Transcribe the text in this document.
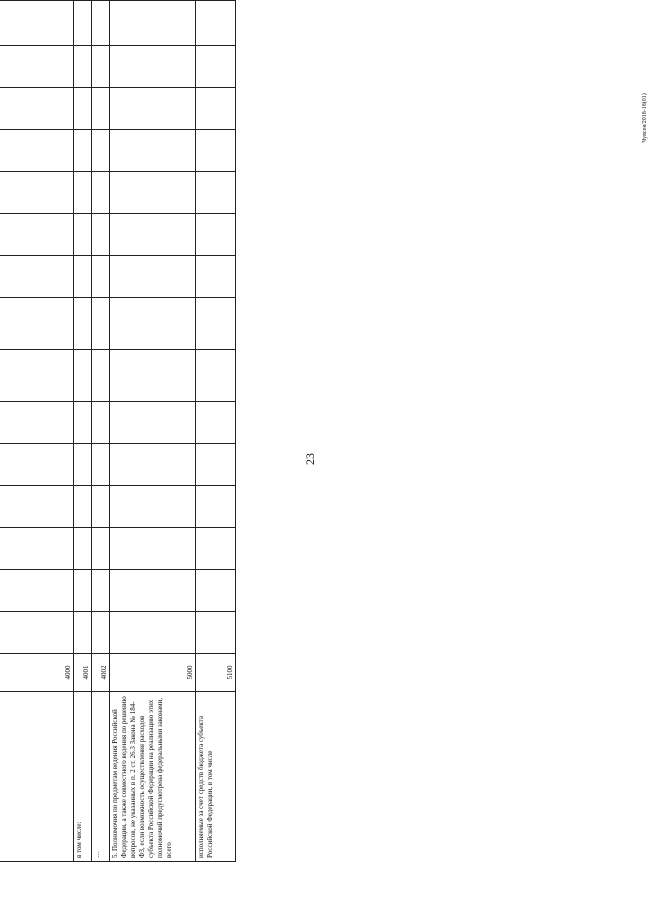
23
Чувсея/2018-18(01)

	4000															
в том числе:	4001															
…	4002															
5. Полномочия по предметам ведения Российской Федерации, а также совместного ведения по решению вопросов, не указанных в п. 2 ст. 26.3 Закона № 184-ФЗ, если возможность осуществления расходов субъекта Российской Федерации на реализацию этих полномочий предусмотрена федеральными законами, всего	5000															
исполняемые за счет средств бюджета субъекта Российской Федерации, в том числе	5100															
